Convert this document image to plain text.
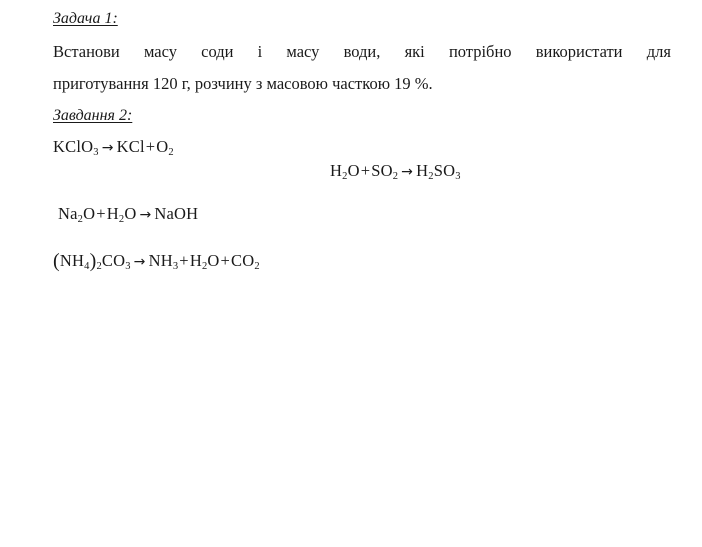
Задача 1:
Встанови масу соди і масу води, які потрібно використати для
приготування 120 г, розчину з масовою часткою 19 %.
Завдання 2:
KClO$_3$ → $KCl+O_2$
$H_2O+SO_2 \to H_2SO_3$
$Na_2O+H_2O$ → NaOH
$(NH_4)_2CO_3 \to NH_3+H_2O+CO_2$
